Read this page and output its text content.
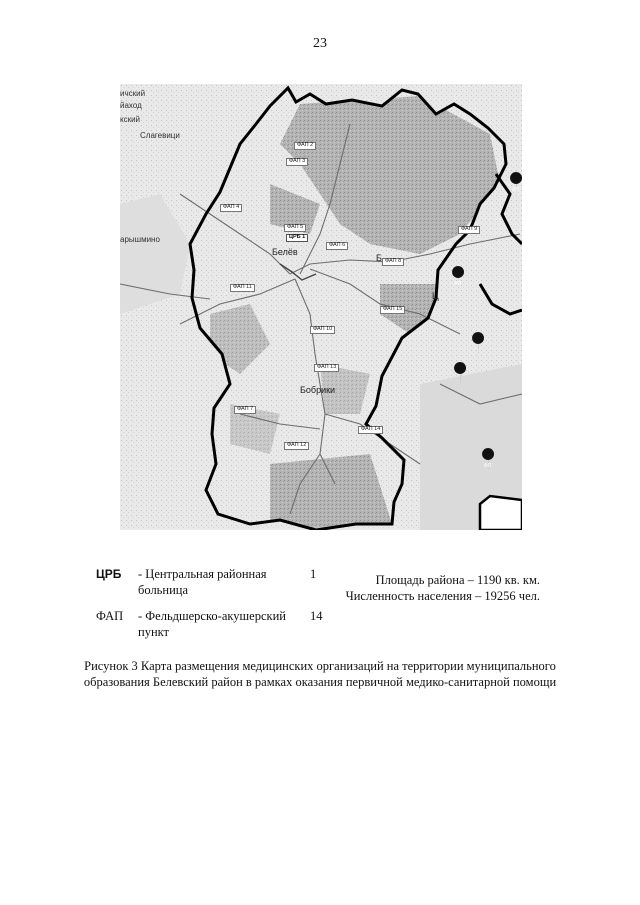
23
ичский
йаход
кский
Слагевици
арышмино
Белёв
Бобрики
Б
Ц
ЦРБ 1
ФАП 2
ФАП 3
ФАП 4
ФАП 5
ФАП 6
ФАП 7
ФАП 8
ФАП 9
ФАП 10
ФАП 11
ФАП 12
ФАП 13
ФАП 14
ФАП 15
ФП
ФП
ФП
ЦРБ - Центральная районная больница
1
ФАП - Фельдшерско-акушерский пункт
14
Площадь района – 1190 кв. км.
Численность населения – 19256 чел.
Рисунок 3 Карта размещения медицинских организаций на территории муниципального
образования Белевский район в рамках оказания первичной медико-санитарной помощи
